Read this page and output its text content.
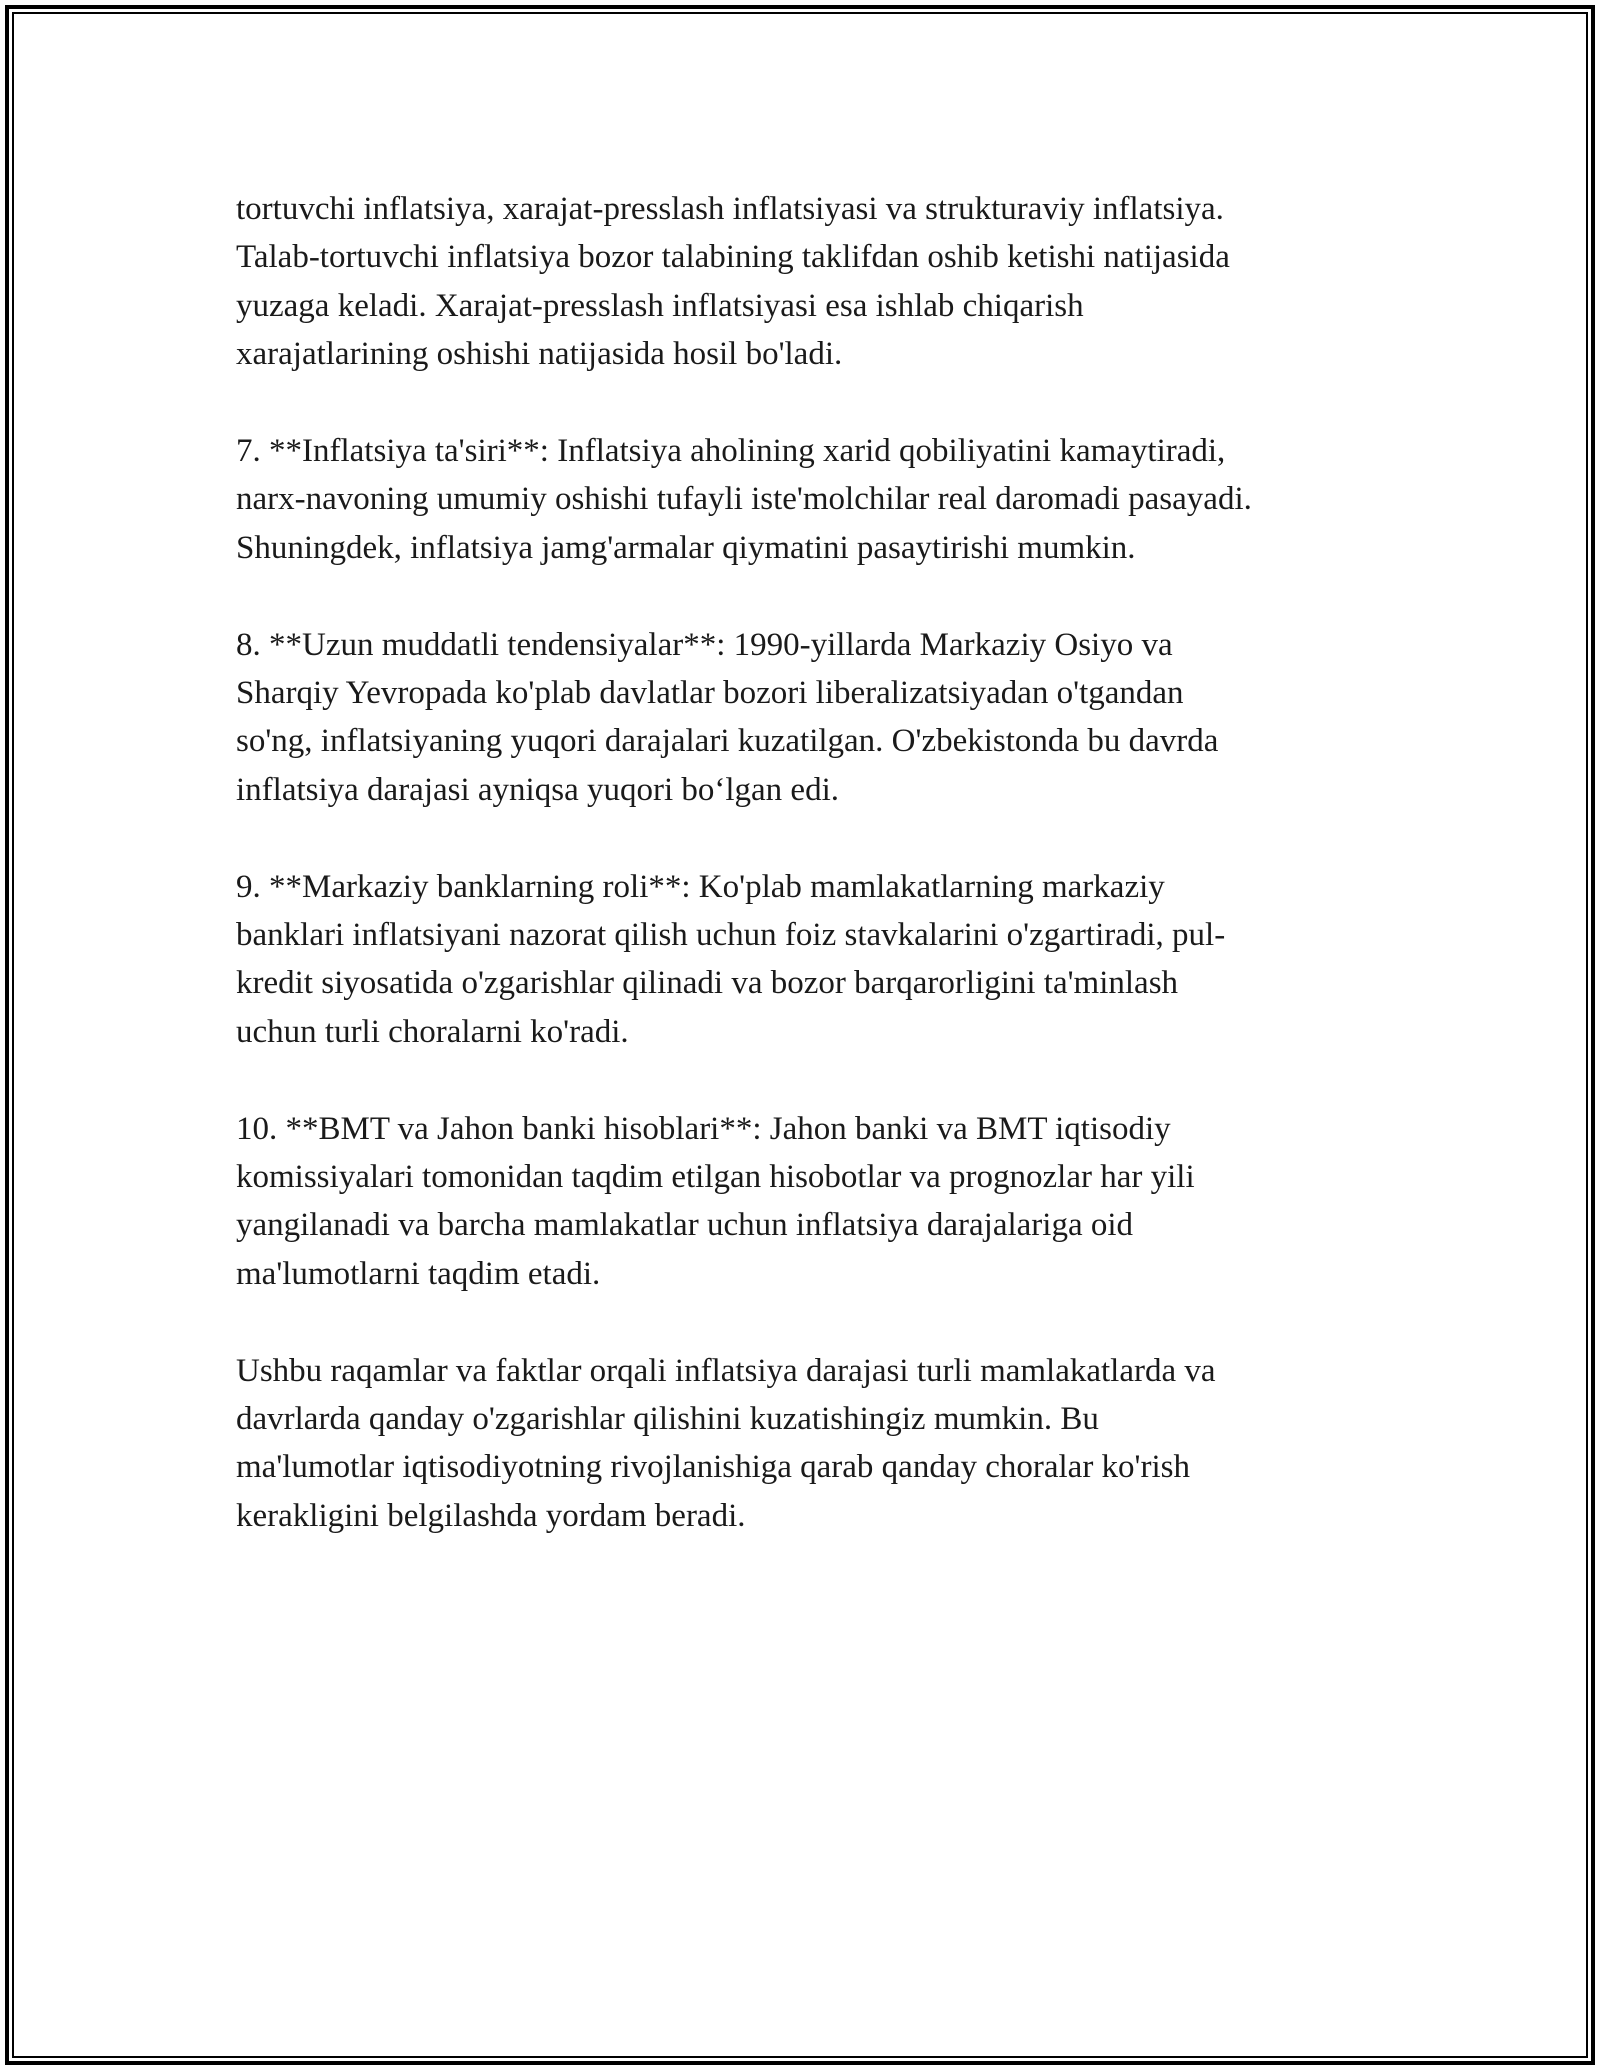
tortuvchi inflatsiya, xarajat-presslash inflatsiyasi va strukturaviy inflatsiya.
Talab-tortuvchi inflatsiya bozor talabining taklifdan oshib ketishi natijasida
yuzaga keladi. Xarajat-presslash inflatsiyasi esa ishlab chiqarish
xarajatlarining oshishi natijasida hosil bo'ladi.

7. **Inflatsiya ta'siri**: Inflatsiya aholining xarid qobiliyatini kamaytiradi,
narx-navoning umumiy oshishi tufayli iste'molchilar real daromadi pasayadi.
Shuningdek, inflatsiya jamg'armalar qiymatini pasaytirishi mumkin.

8. **Uzun muddatli tendensiyalar**: 1990-yillarda Markaziy Osiyo va
Sharqiy Yevropada ko'plab davlatlar bozori liberalizatsiyadan o'tgandan
so'ng, inflatsiyaning yuqori darajalari kuzatilgan. O'zbekistonda bu davrda
inflatsiya darajasi ayniqsa yuqori bo‘lgan edi.

9. **Markaziy banklarning roli**: Ko'plab mamlakatlarning markaziy
banklari inflatsiyani nazorat qilish uchun foiz stavkalarini o'zgartiradi, pul-
kredit siyosatida o'zgarishlar qilinadi va bozor barqarorligini ta'minlash
uchun turli choralarni ko'radi.

10. **BMT va Jahon banki hisoblari**: Jahon banki va BMT iqtisodiy
komissiyalari tomonidan taqdim etilgan hisobotlar va prognozlar har yili
yangilanadi va barcha mamlakatlar uchun inflatsiya darajalariga oid
ma'lumotlarni taqdim etadi.

Ushbu raqamlar va faktlar orqali inflatsiya darajasi turli mamlakatlarda va
davrlarda qanday o'zgarishlar qilishini kuzatishingiz mumkin. Bu
ma'lumotlar iqtisodiyotning rivojlanishiga qarab qanday choralar ko'rish
kerakligini belgilashda yordam beradi.
